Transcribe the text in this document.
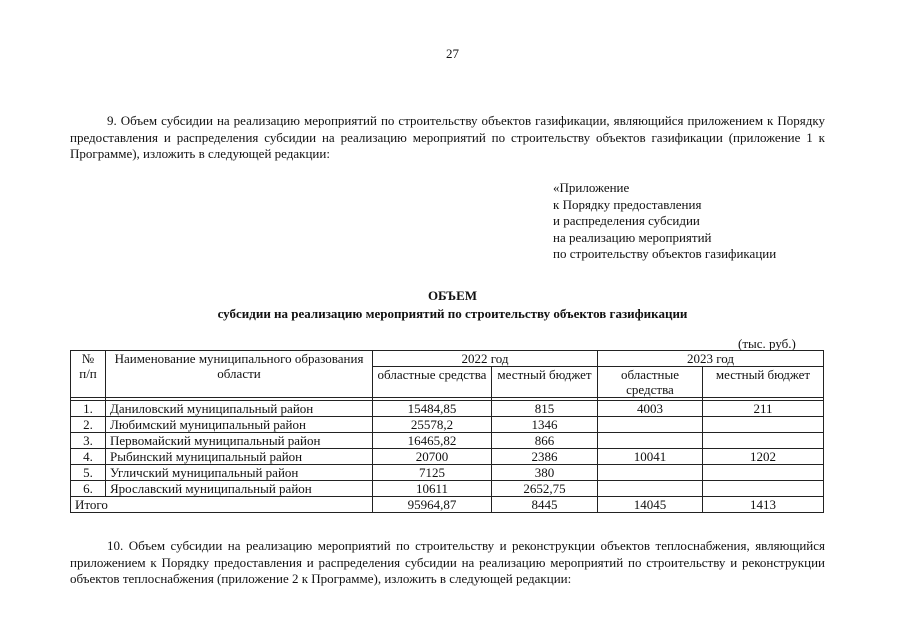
27
9. Объем субсидии на реализацию мероприятий по строительству объектов газификации, являющийся приложением к Порядку предоставления и распределения субсидии на реализацию мероприятий по строительству объектов газификации (приложение 1 к Программе), изложить в следующей редакции:
«Приложение
к Порядку предоставления
и распределения субсидии
на реализацию мероприятий
по строительству объектов газификации
ОБЪЕМ
субсидии на реализацию мероприятий по строительству объектов газификации
(тыс. руб.)
№ п/п	Наименование муниципального образования области	2022 год		2023 год	
		областные средства	местный бюджет	областные средства	местный бюджет

1.	Даниловский муниципальный район	15484,85	815	4003	211
2.	Любимский муниципальный район	25578,2	1346		
3.	Первомайский муниципальный район	16465,82	866		
4.	Рыбинский муниципальный район	20700	2386	10041	1202
5.	Угличский муниципальный район	7125	380		
6.	Ярославский муниципальный район	10611	2652,75		
Итого		95964,87	8445	14045	1413
10. Объем субсидии на реализацию мероприятий по строительству и реконструкции объектов теплоснабжения, являющийся приложением к Порядку предоставления и распределения субсидии на реализацию мероприятий по строительству и реконструкции объектов теплоснабжения (приложение 2 к Программе), изложить в следующей редакции:
